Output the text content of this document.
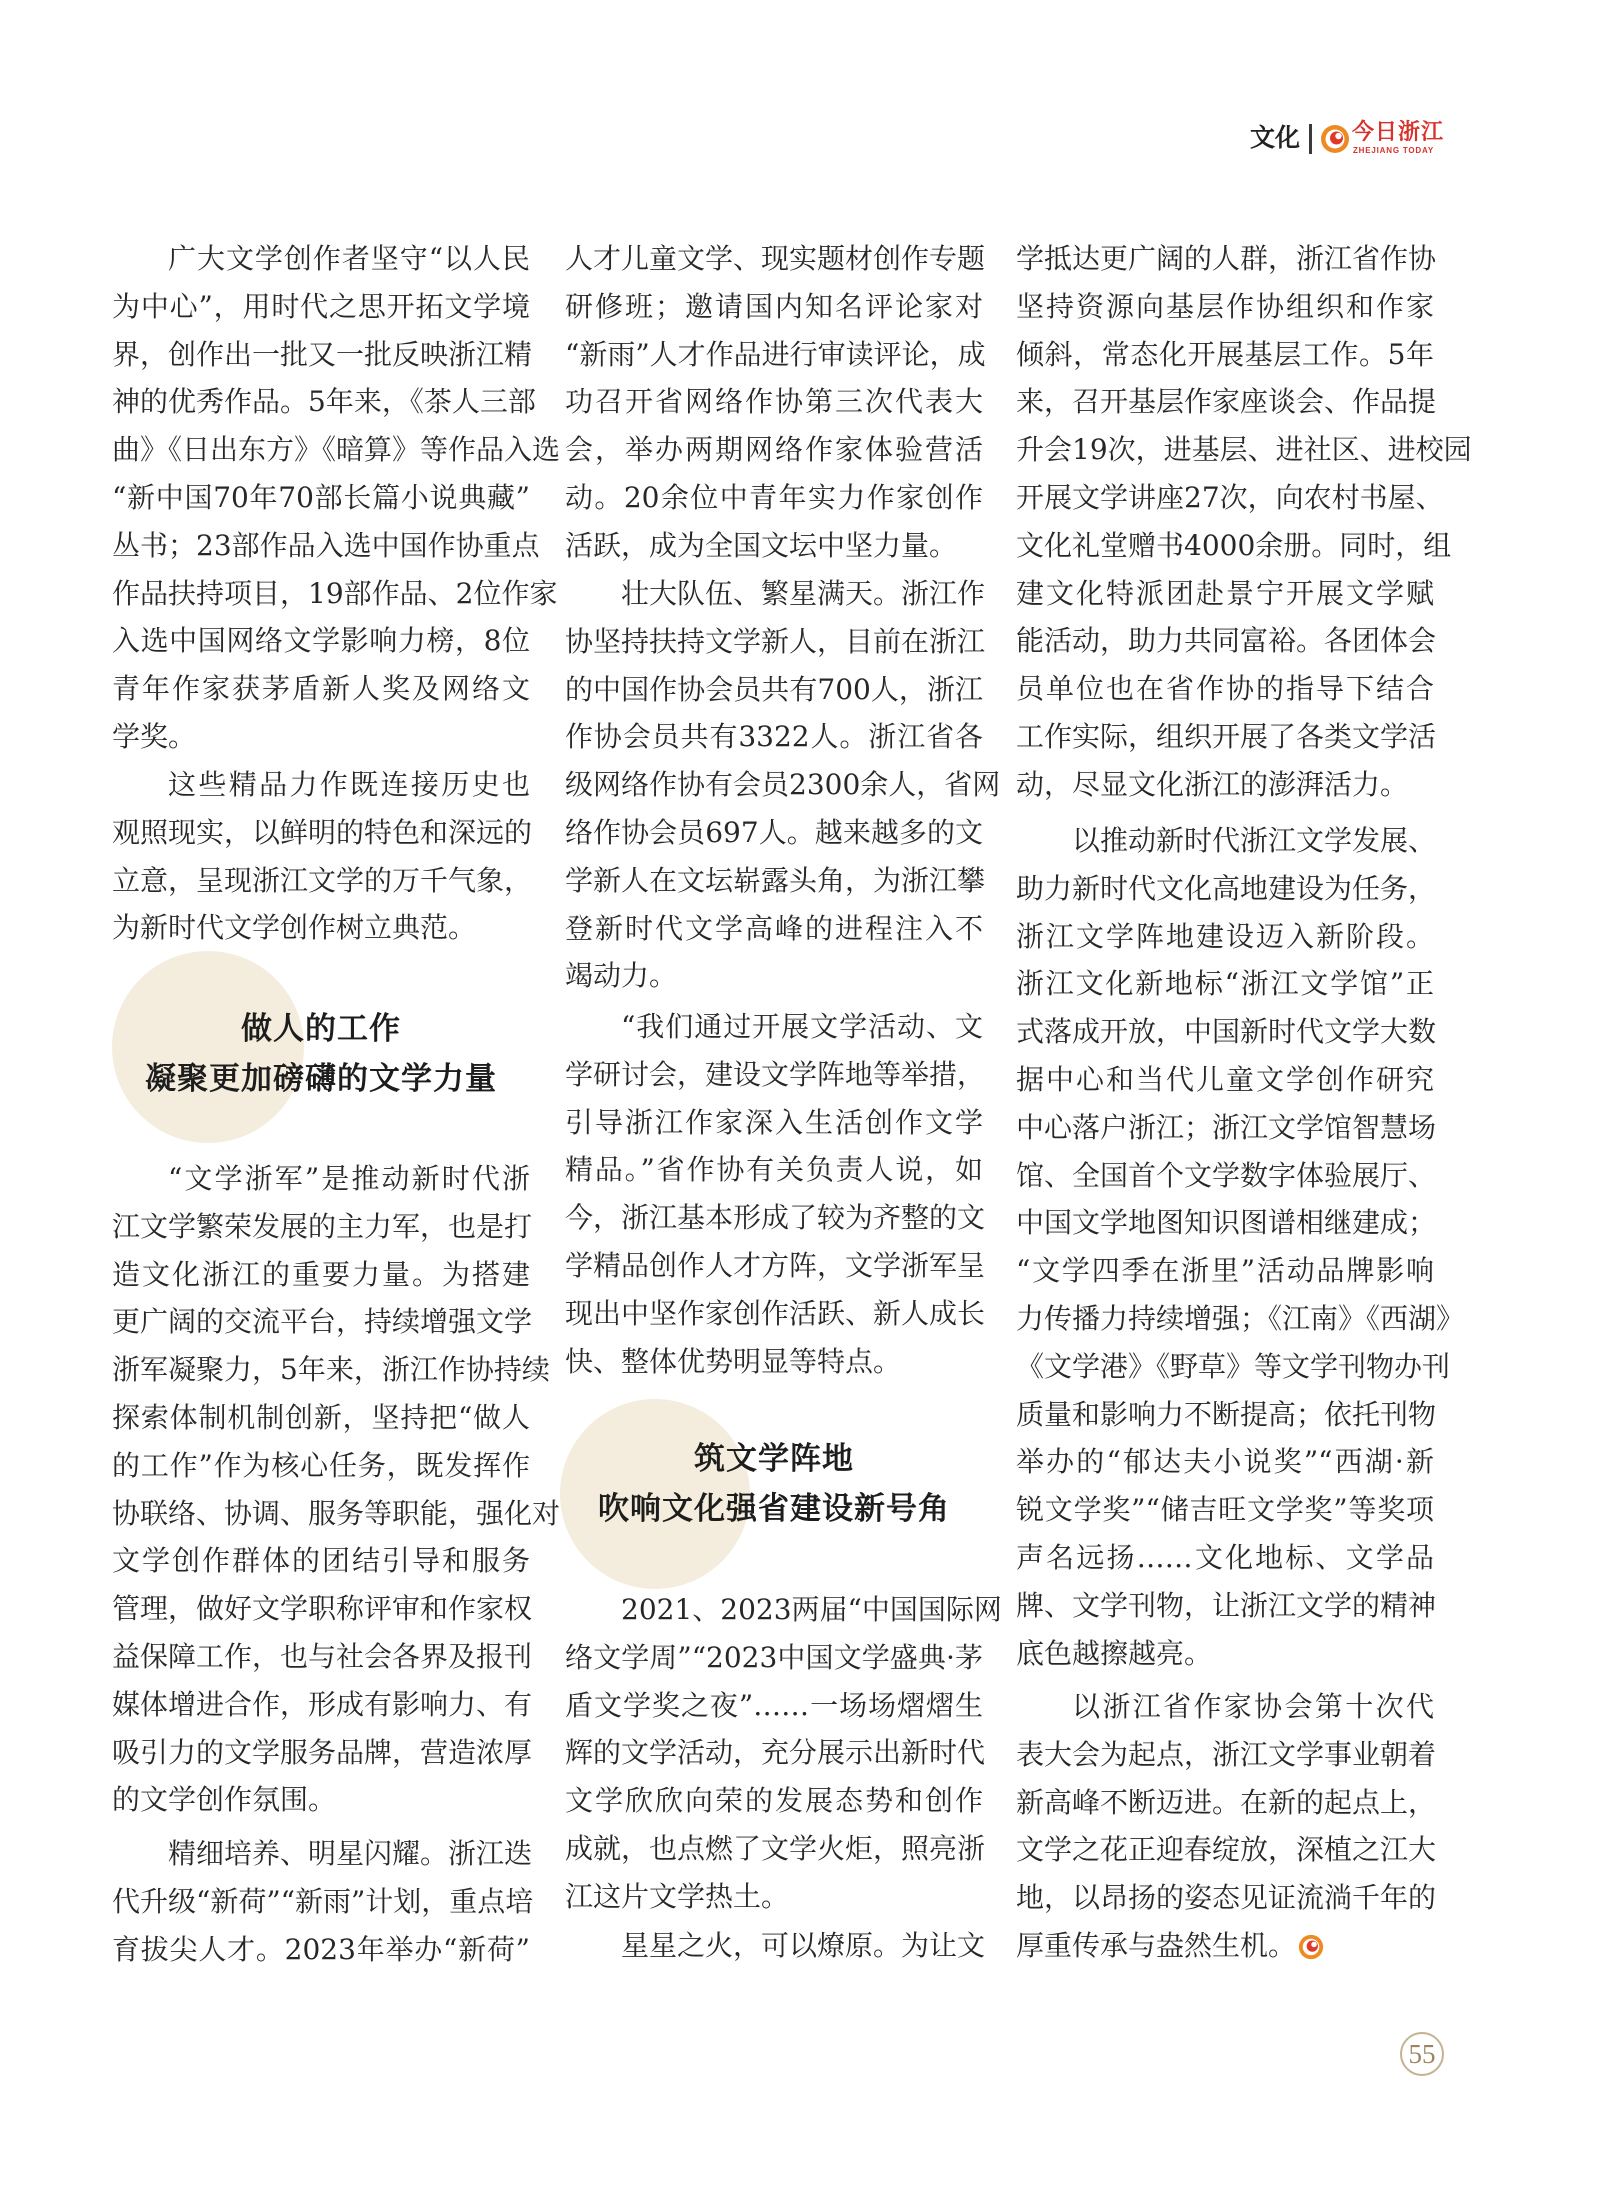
文化 今日浙江
ZHEJIANG TODAY
广大文学创作者坚守“以人民
为中心”，用时代之思开拓文学境
界，创作出一批又一批反映浙江精
神的优秀作品。5年来，《茶人三部
曲》《日出东方》《暗算》等作品入选
“新中国70年70部长篇小说典藏”
丛书；23部作品入选中国作协重点
作品扶持项目，19部作品、2位作家
入选中国网络文学影响力榜，8位
青年作家获茅盾新人奖及网络文
学奖。
这些精品力作既连接历史也
观照现实，以鲜明的特色和深远的
立意，呈现浙江文学的万千气象，
为新时代文学创作树立典范。
做人的工作
凝聚更加磅礴的文学力量
“文学浙军”是推动新时代浙
江文学繁荣发展的主力军，也是打
造文化浙江的重要力量。为搭建
更广阔的交流平台，持续增强文学
浙军凝聚力，5年来，浙江作协持续
探索体制机制创新，坚持把“做人
的工作”作为核心任务，既发挥作
协联络、协调、服务等职能，强化对
文学创作群体的团结引导和服务
管理，做好文学职称评审和作家权
益保障工作，也与社会各界及报刊
媒体增进合作，形成有影响力、有
吸引力的文学服务品牌，营造浓厚
的文学创作氛围。
精细培养、明星闪耀。浙江迭
代升级“新荷”“新雨”计划，重点培
育拔尖人才。2023年举办“新荷”
人才儿童文学、现实题材创作专题
研修班；邀请国内知名评论家对
“新雨”人才作品进行审读评论，成
功召开省网络作协第三次代表大
会，举办两期网络作家体验营活
动。20余位中青年实力作家创作
活跃，成为全国文坛中坚力量。
壮大队伍、繁星满天。浙江作
协坚持扶持文学新人，目前在浙江
的中国作协会员共有700人，浙江
作协会员共有3322人。浙江省各
级网络作协有会员2300余人，省网
络作协会员697人。越来越多的文
学新人在文坛崭露头角，为浙江攀
登新时代文学高峰的进程注入不
竭动力。
“我们通过开展文学活动、文
学研讨会，建设文学阵地等举措，
引导浙江作家深入生活创作文学
精品。”省作协有关负责人说，如
今，浙江基本形成了较为齐整的文
学精品创作人才方阵，文学浙军呈
现出中坚作家创作活跃、新人成长
快、整体优势明显等特点。
筑文学阵地
吹响文化强省建设新号角
2021、2023两届“中国国际网
络文学周”“2023中国文学盛典·茅
盾文学奖之夜”……一场场熠熠生
辉的文学活动，充分展示出新时代
文学欣欣向荣的发展态势和创作
成就，也点燃了文学火炬，照亮浙
江这片文学热土。
星星之火，可以燎原。为让文
学抵达更广阔的人群，浙江省作协
坚持资源向基层作协组织和作家
倾斜，常态化开展基层工作。5年
来，召开基层作家座谈会、作品提
升会19次，进基层、进社区、进校园
开展文学讲座27次，向农村书屋、
文化礼堂赠书4000余册。同时，组
建文化特派团赴景宁开展文学赋
能活动，助力共同富裕。各团体会
员单位也在省作协的指导下结合
工作实际，组织开展了各类文学活
动，尽显文化浙江的澎湃活力。
以推动新时代浙江文学发展、
助力新时代文化高地建设为任务，
浙江文学阵地建设迈入新阶段。
浙江文化新地标“浙江文学馆”正
式落成开放，中国新时代文学大数
据中心和当代儿童文学创作研究
中心落户浙江；浙江文学馆智慧场
馆、全国首个文学数字体验展厅、
中国文学地图知识图谱相继建成；
“文学四季在浙里”活动品牌影响
力传播力持续增强；《江南》《西湖》
《文学港》《野草》等文学刊物办刊
质量和影响力不断提高；依托刊物
举办的“郁达夫小说奖”“西湖·新
锐文学奖”“储吉旺文学奖”等奖项
声名远扬……文化地标、文学品
牌、文学刊物，让浙江文学的精神
底色越擦越亮。
以浙江省作家协会第十次代
表大会为起点，浙江文学事业朝着
新高峰不断迈进。在新的起点上，
文学之花正迎春绽放，深植之江大
地，以昂扬的姿态见证流淌千年的
厚重传承与盎然生机。
55
